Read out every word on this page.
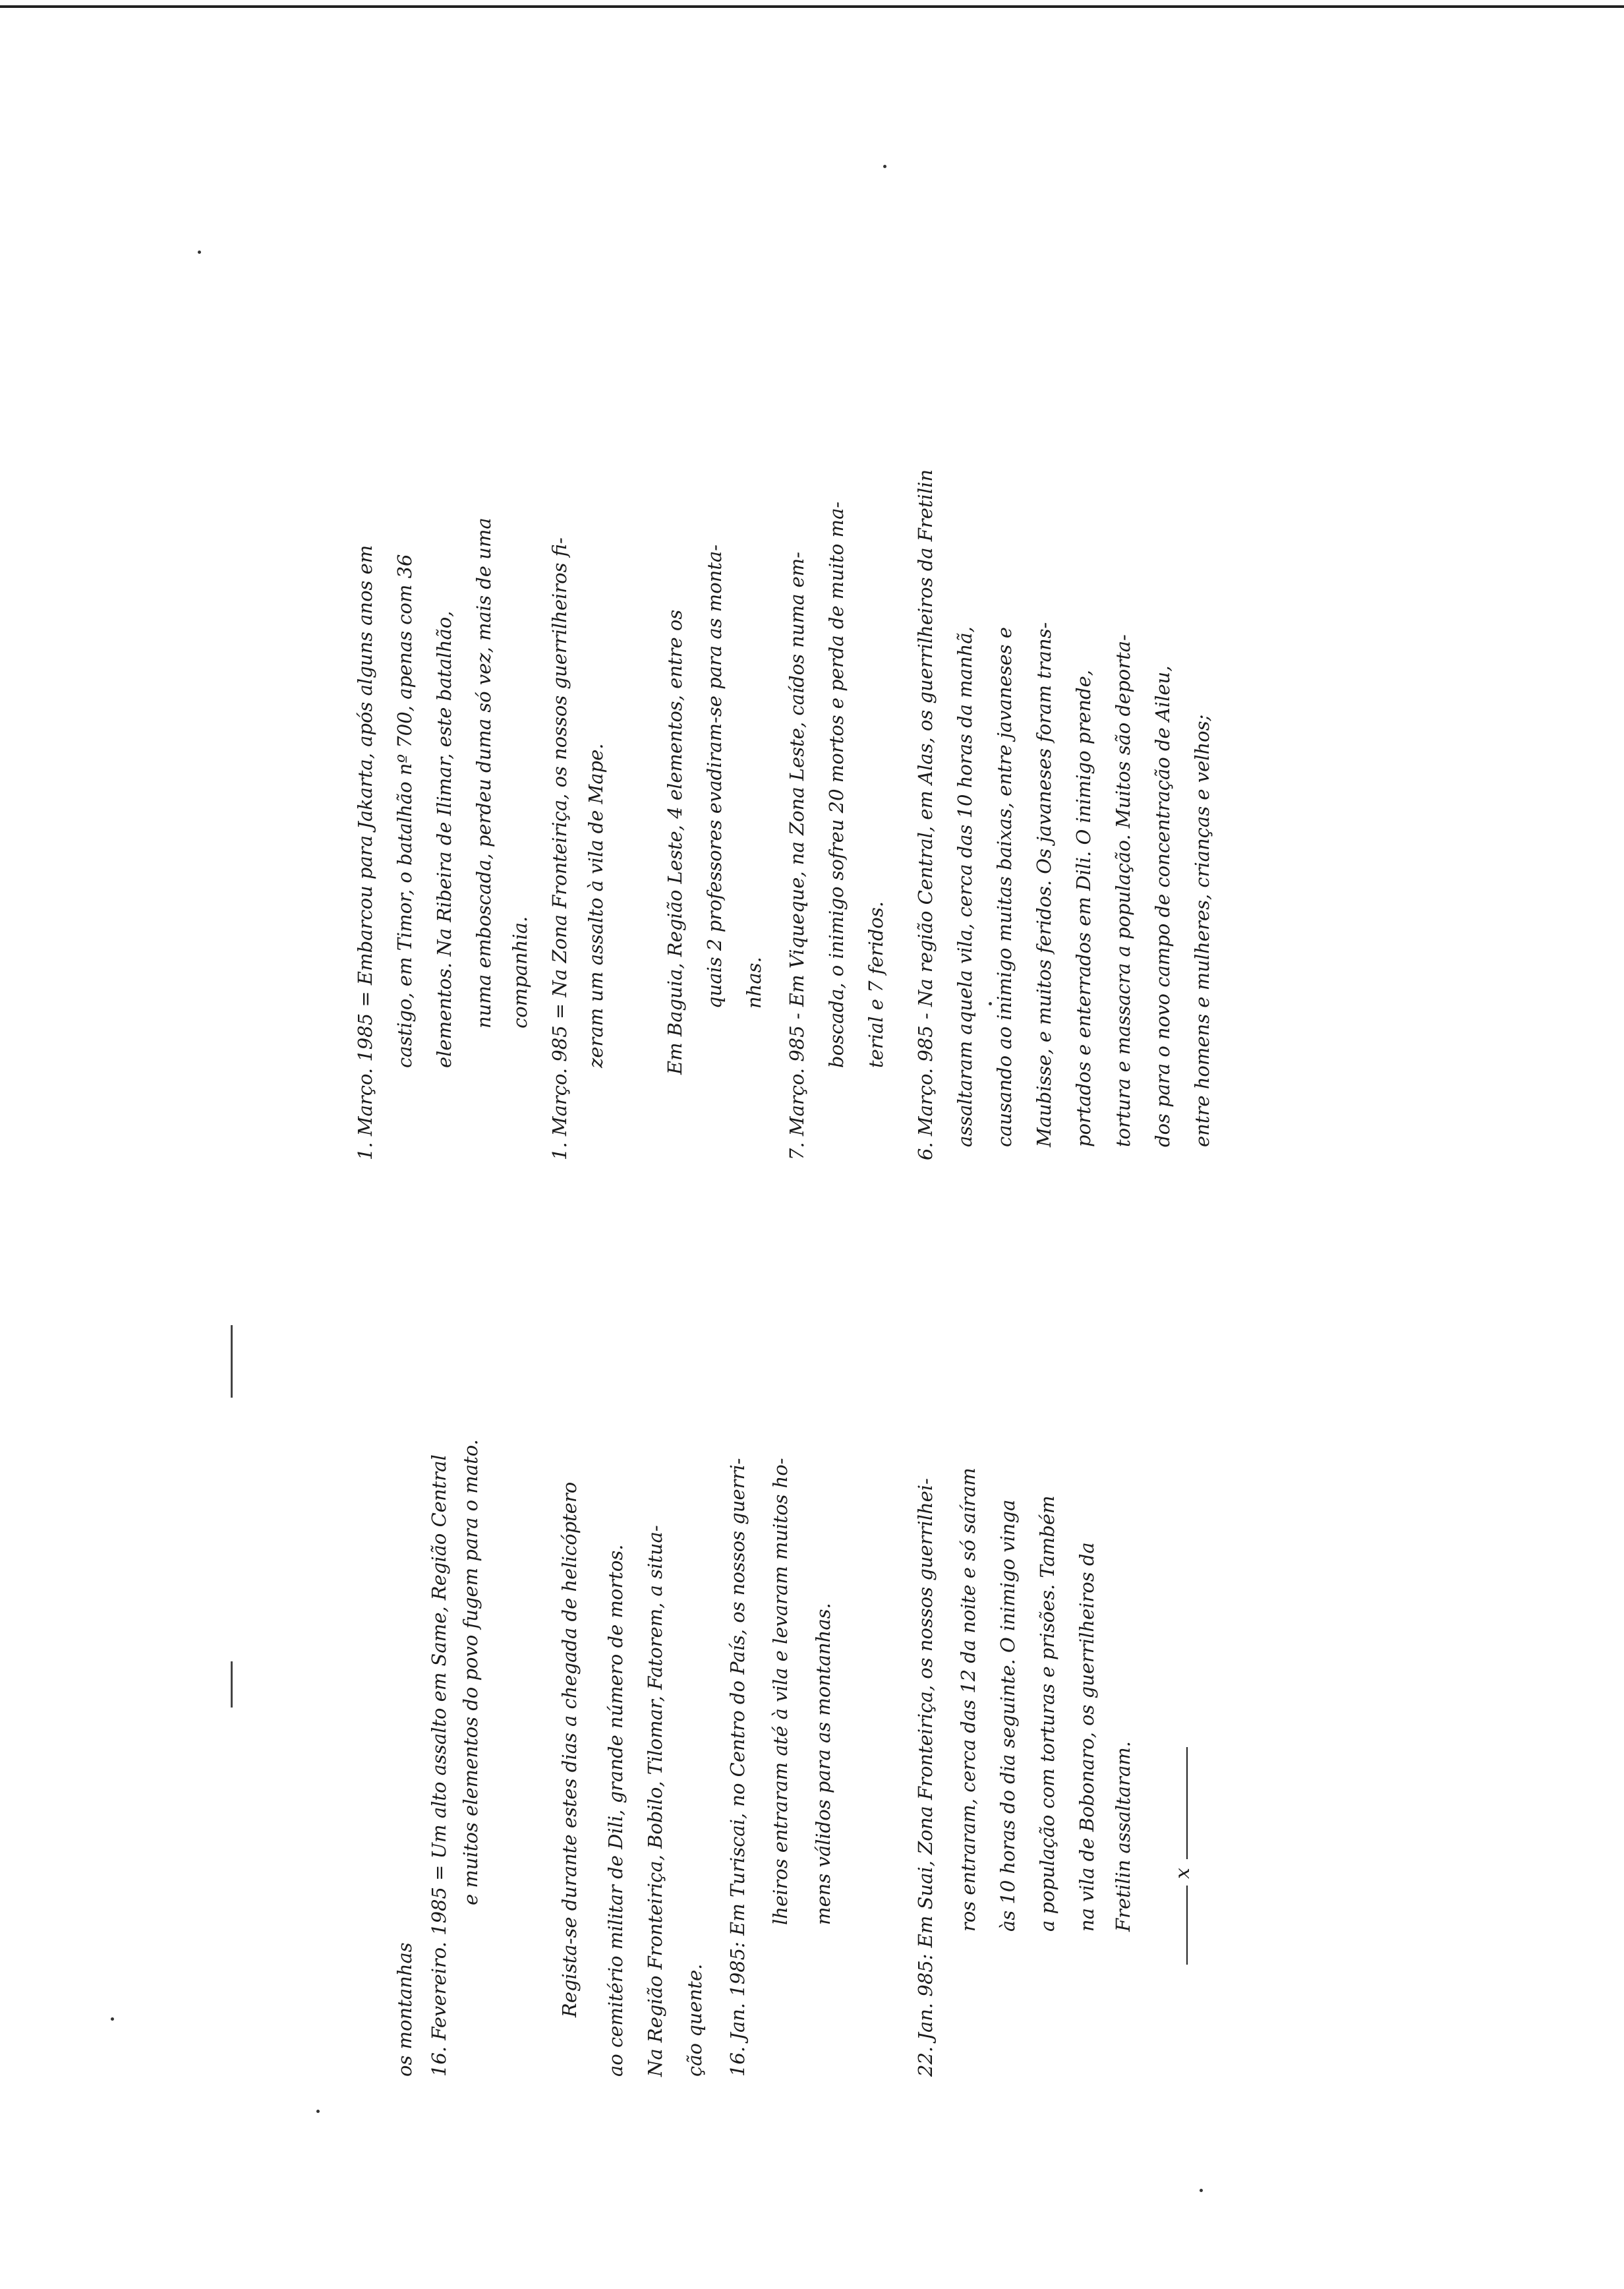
os montanhas 16. Fevereiro. 1985 = Um alto assalto em Same, Região Central e muitos elementos do povo fugem para o mato.	Regista-se durante estes dias a chegada de helicóptero ao cemitério militar de Dili, grande número de mortos. Na Região Fronteiriça, Bobilo, Tilomar, Fatorem, a situa- ção quente. 16. Jan. 1985: Em Turiscai, no Centro do País, os nossos guerri- lheiros entraram até à vila e levaram muitos ho- mens válidos para as montanhas.	22. Jan. 985: Em Suai, Zona Fronteiriça, os nossos guerrilhei- ros entraram, cerca das 12 da noite e só saíram às 10 horas do dia seguinte. O inimigo vinga a população com torturas e prisões. Também na vila de Bobonaro, os guerrilheiros da Fretilin assaltaram. x
1. Março. 1985 = Embarcou para Jakarta, após alguns anos em castigo, em Timor, o batalhão nº 700, apenas com 36 elementos. Na Ribeira de Ilimar, este batalhão, numa emboscada, perdeu duma só vez, mais de uma companhia. 1. Março. 985 = Na Zona Fronteiriça, os nossos guerrilheiros fi- zeram um assalto à vila de Mape.	Em Baguia, Região Leste, 4 elementos, entre os quais 2 professores evadiram-se para as monta- nhas. 7. Março. 985 - Em Viqueque, na Zona Leste, caídos numa em- boscada, o inimigo sofreu 20 mortos e perda de muito ma- terial e 7 feridos. 6. Março. 985 - Na região Central, em Alas, os guerrilheiros da Fretilin assaltaram aquela vila, cerca das 10 horas da manhã, causando ao inimigo muitas baixas, entre javaneses e Maubisse, e muitos feridos. Os javaneses foram trans- portados e enterrados em Dili. O inimigo prende, tortura e massacra a população. Muitos são deporta- dos para o novo campo de concentração de Aileu, entre homens e mulheres, crianças e velhos;
